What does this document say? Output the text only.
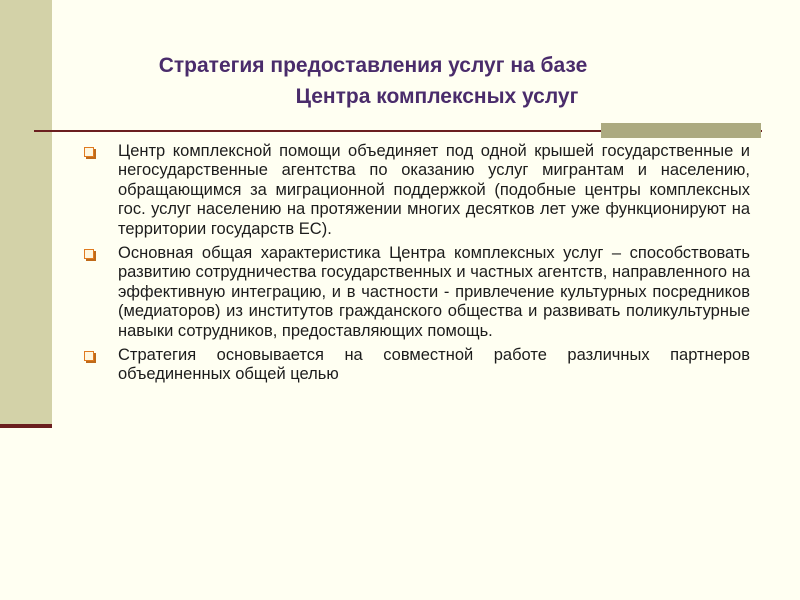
Стратегия предоставления услуг на базе
Центра комплексных услуг
Центр комплексной помощи объединяет под одной крышей государственные и негосударственные агентства по оказанию услуг мигрантам и населению, обращающимся за миграционной поддержкой (подобные центры комплексных гос. услуг населению на протяжении многих десятков лет уже функционируют на территории государств ЕС).
Основная общая характеристика Центра комплексных услуг – способствовать развитию сотрудничества государственных и частных агентств, направленного на эффективную интеграцию, и в частности - привлечение культурных посредников (медиаторов) из институтов гражданского общества и развивать поликультурные навыки сотрудников, предоставляющих помощь.
Стратегия основывается на совместной работе различных партнеров объединенных общей целью
